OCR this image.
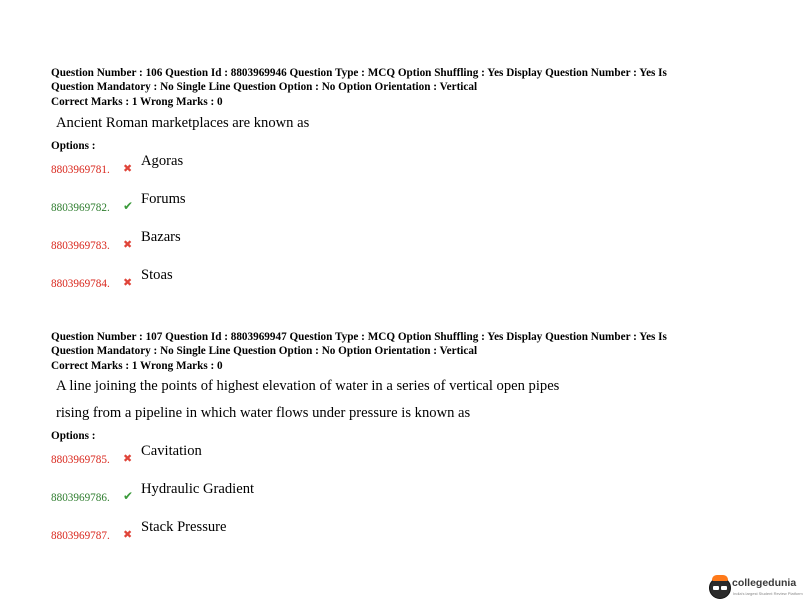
Question Number : 106 Question Id : 8803969946 Question Type : MCQ Option Shuffling : Yes Display Question Number : Yes Is
Question Mandatory : No Single Line Question Option : No Option Orientation : Vertical
Correct Marks : 1 Wrong Marks : 0
Ancient Roman marketplaces are known as
Options :
8803969781. ✖ Agoras
8803969782. ✔ Forums
8803969783. ✖ Bazars
8803969784. ✖ Stoas
Question Number : 107 Question Id : 8803969947 Question Type : MCQ Option Shuffling : Yes Display Question Number : Yes Is
Question Mandatory : No Single Line Question Option : No Option Orientation : Vertical
Correct Marks : 1 Wrong Marks : 0
A line joining the points of highest elevation of water in a series of vertical open pipes
rising from a pipeline in which water flows under pressure is known as
Options :
8803969785. ✖ Cavitation
8803969786. ✔ Hydraulic Gradient
8803969787. ✖ Stack Pressure
collegedunia
India's largest Student Review Platform
